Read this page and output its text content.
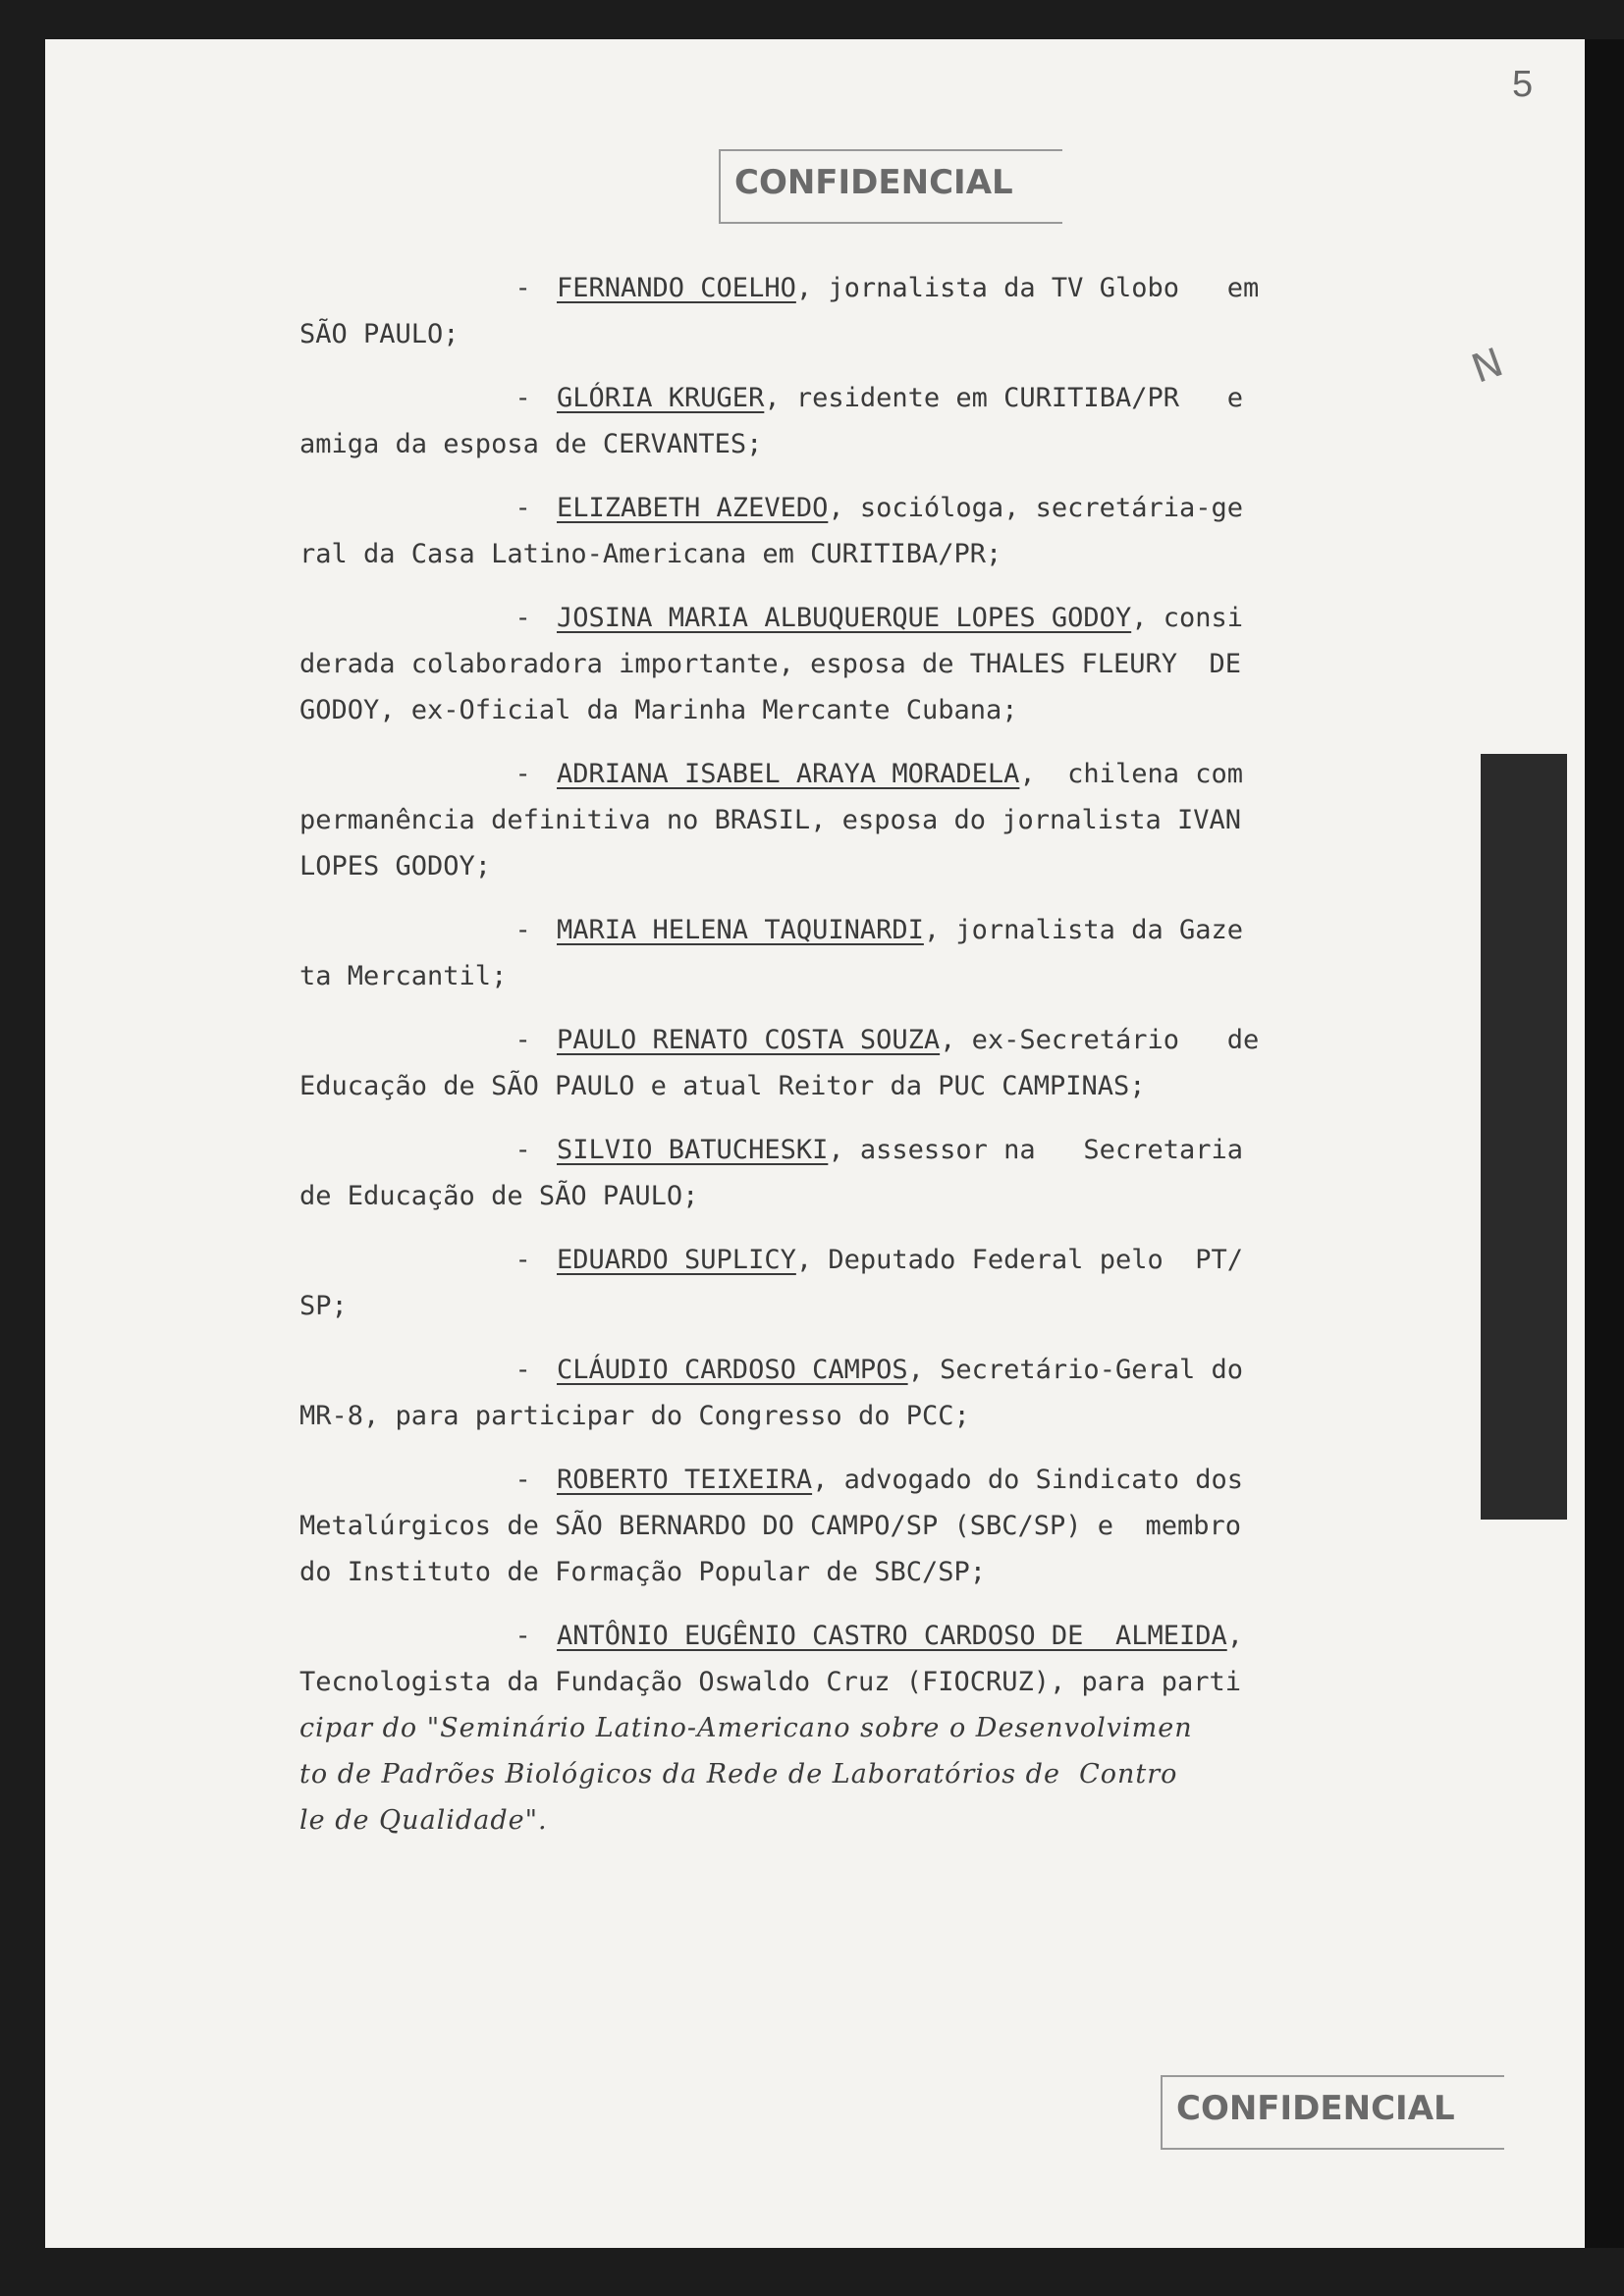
5
CONFIDENCIAL
N
- FERNANDO COELHO, jornalista da TV Globo   em
SÃO PAULO;
- GLÓRIA KRUGER, residente em CURITIBA/PR   e
amiga da esposa de CERVANTES;
- ELIZABETH AZEVEDO, socióloga, secretária-ge
ral da Casa Latino-Americana em CURITIBA/PR;
- JOSINA MARIA ALBUQUERQUE LOPES GODOY, consi
derada colaboradora importante, esposa de THALES FLEURY  DE
GODOY, ex-Oficial da Marinha Mercante Cubana;
- ADRIANA ISABEL ARAYA MORADELA,  chilena com
permanência definitiva no BRASIL, esposa do jornalista IVAN
LOPES GODOY;
- MARIA HELENA TAQUINARDI, jornalista da Gaze
ta Mercantil;
- PAULO RENATO COSTA SOUZA, ex-Secretário   de
Educação de SÃO PAULO e atual Reitor da PUC CAMPINAS;
- SILVIO BATUCHESKI, assessor na   Secretaria
de Educação de SÃO PAULO;
- EDUARDO SUPLICY, Deputado Federal pelo  PT/
SP;
- CLÁUDIO CARDOSO CAMPOS, Secretário-Geral do
MR-8, para participar do Congresso do PCC;
- ROBERTO TEIXEIRA, advogado do Sindicato dos
Metalúrgicos de SÃO BERNARDO DO CAMPO/SP (SBC/SP) e  membro
do Instituto de Formação Popular de SBC/SP;
- ANTÔNIO EUGÊNIO CASTRO CARDOSO DE  ALMEIDA,
Tecnologista da Fundação Oswaldo Cruz (FIOCRUZ), para parti
cipar do "Seminário Latino-Americano sobre o Desenvolvimen
to de Padrões Biológicos da Rede de Laboratórios de  Contro
le de Qualidade".
CONFIDENCIAL
